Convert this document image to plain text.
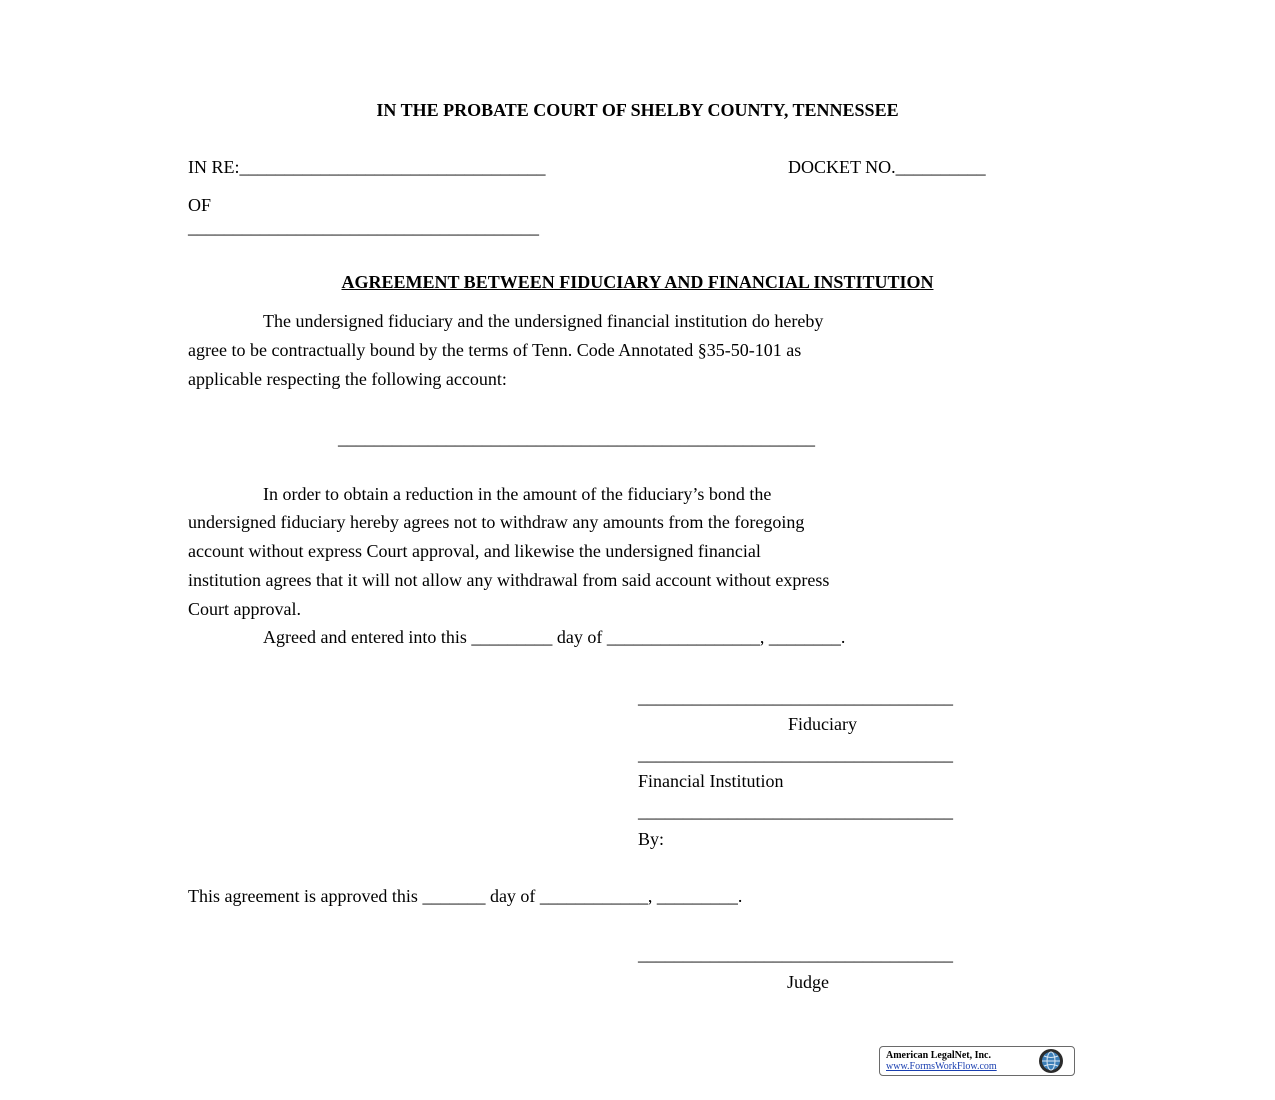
IN THE PROBATE COURT OF SHELBY COUNTY, TENNESSEE
IN RE:__________________________________	DOCKET NO.__________
OF
_______________________________________
AGREEMENT BETWEEN FIDUCIARY AND FINANCIAL INSTITUTION
The undersigned fiduciary and the undersigned financial institution do hereby
agree to be contractually bound by the terms of Tenn. Code Annotated §35-50-101 as
applicable respecting the following account:
_____________________________________________________
In order to obtain a reduction in the amount of the fiduciary’s bond the
undersigned fiduciary hereby agrees not to withdraw any amounts from the foregoing
account without express Court approval, and likewise the undersigned financial
institution agrees that it will not allow any withdrawal from said account without express
Court approval.
Agreed and entered into this _________ day of _________________, ________.
___________________________________
Fiduciary
___________________________________
Financial Institution
___________________________________
By:
This agreement is approved this _______ day of ____________, _________.
___________________________________
Judge
American LegalNet, Inc.
www.FormsWorkFlow.com
